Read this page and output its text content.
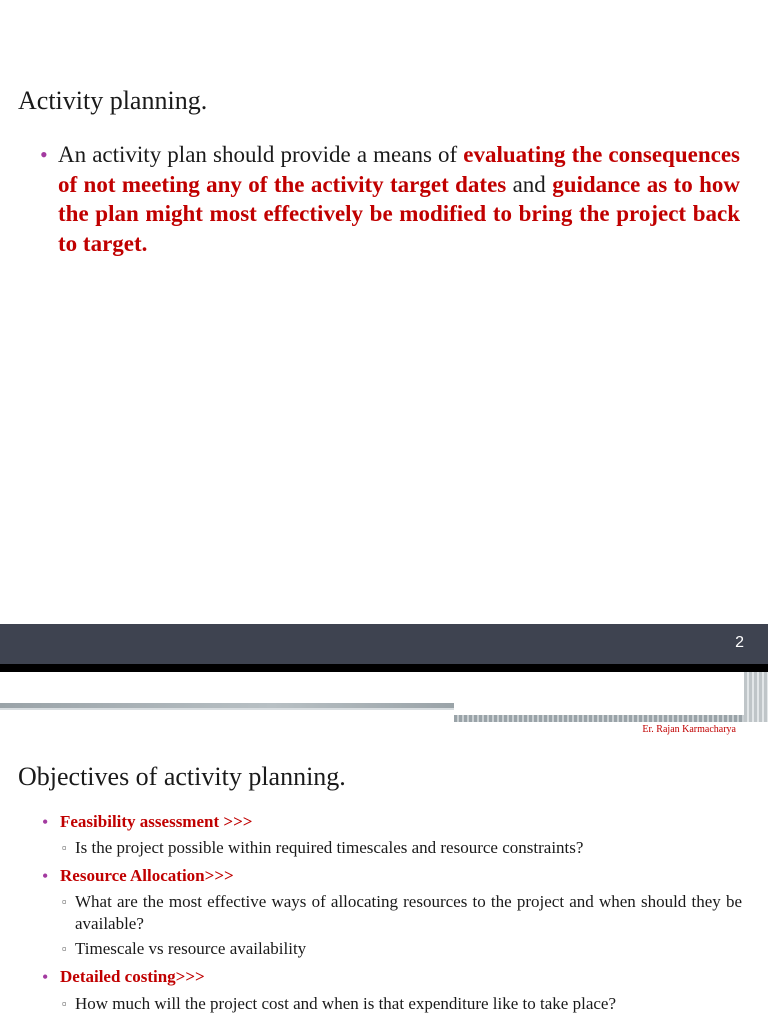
Activity planning.
• An activity plan should provide a means of evaluating the consequences of not meeting any of the activity target dates and guidance as to how the plan might most effectively be modified to bring the project back to target.
2
Er. Rajan Karmacharya
Objectives of activity planning.
• Feasibility assessment >>>
▫ Is the project possible within required timescales and resource constraints?
• Resource Allocation>>>
▫ What are the most effective ways of allocating resources to the project and when should they be available?
▫ Timescale vs resource availability
• Detailed costing>>>
▫ How much will the project cost and when is that expenditure like to take place?
